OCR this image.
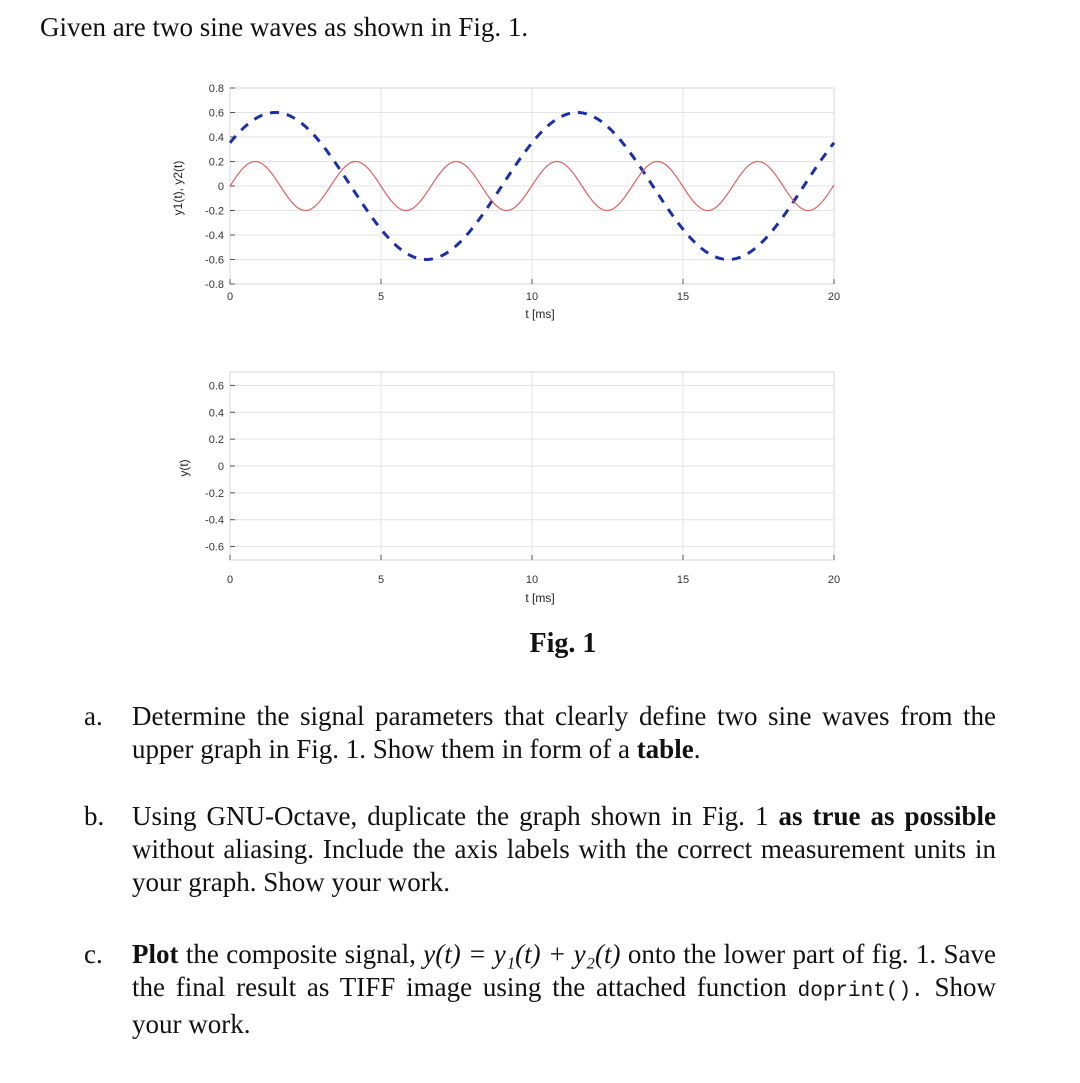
Given are two sine waves as shown in Fig. 1.
0.8
0.6
0.4
0.2
0
-0.2
-0.4
-0.6
-0.8
0	5	10	15	20
t [ms]
y1(t), y2(t)
0.6
0.4
0.2
0
-0.2
-0.4
-0.6
0	5	10	15	20
t [ms]
y(t)
Fig. 1
a.	Determine the signal parameters that clearly define two sine waves from the upper graph in Fig. 1. Show them in form of a table.
b.	Using GNU-Octave, duplicate the graph shown in Fig. 1 as true as possible without aliasing. Include the axis labels with the correct measurement units in your graph. Show your work.
c.	Plot the composite signal, y(t) = y₁(t) + y₂(t) onto the lower part of fig. 1. Save the final result as TIFF image using the attached function doprint(). Show your work.
